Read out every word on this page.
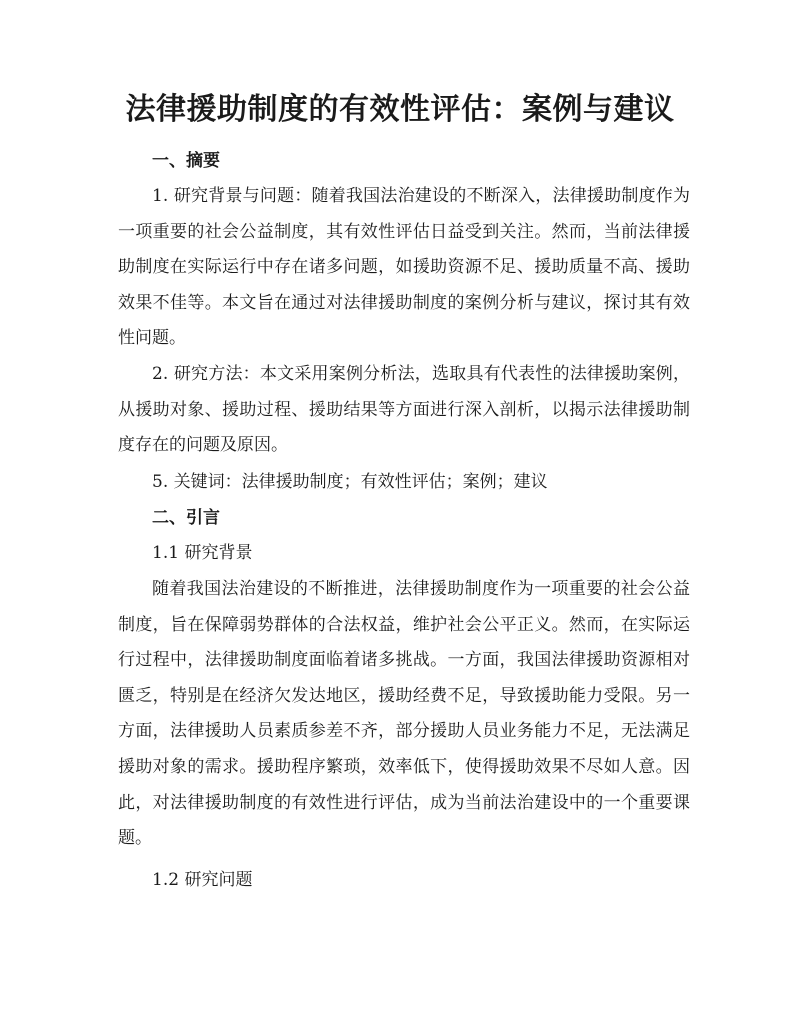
法律援助制度的有效性评估：案例与建议

一、摘要

1. 研究背景与问题：随着我国法治建设的不断深入，法律援助制度作为一项重要的社会公益制度，其有效性评估日益受到关注。然而，当前法律援助制度在实际运行中存在诸多问题，如援助资源不足、援助质量不高、援助效果不佳等。本文旨在通过对法律援助制度的案例分析与建议，探讨其有效性问题。

2. 研究方法：本文采用案例分析法，选取具有代表性的法律援助案例，从援助对象、援助过程、援助结果等方面进行深入剖析，以揭示法律援助制度存在的问题及原因。

5. 关键词：法律援助制度；有效性评估；案例；建议

二、引言

1.1 研究背景

随着我国法治建设的不断推进，法律援助制度作为一项重要的社会公益制度，旨在保障弱势群体的合法权益，维护社会公平正义。然而，在实际运行过程中，法律援助制度面临着诸多挑战。一方面，我国法律援助资源相对匮乏，特别是在经济欠发达地区，援助经费不足，导致援助能力受限。另一方面，法律援助人员素质参差不齐，部分援助人员业务能力不足，无法满足援助对象的需求。援助程序繁琐，效率低下，使得援助效果不尽如人意。因此，对法律援助制度的有效性进行评估，成为当前法治建设中的一个重要课题。

1.2 研究问题
